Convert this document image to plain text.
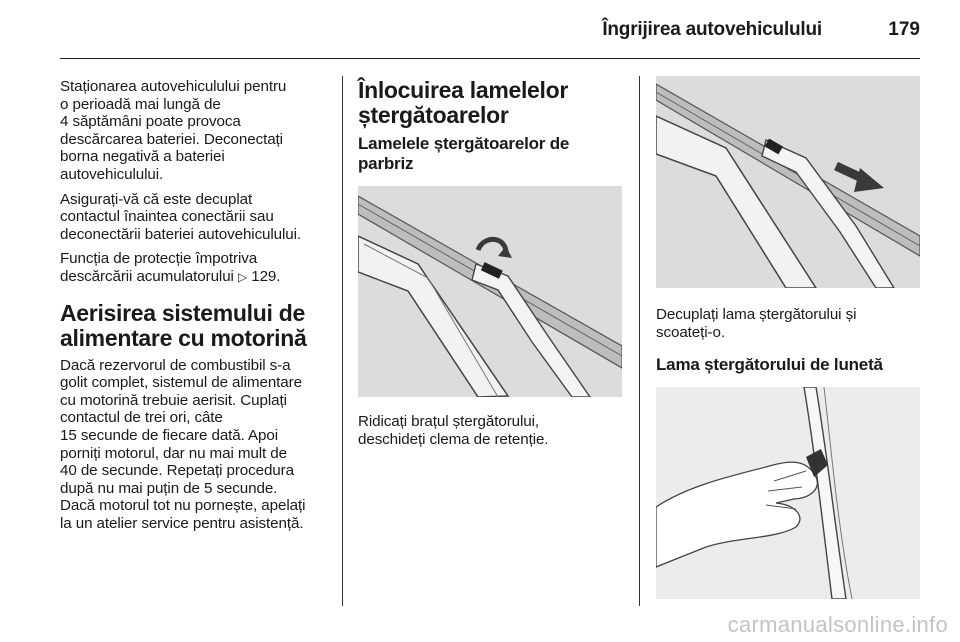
Îngrijirea autovehiculului	179

Staționarea autovehiculului pentru
o perioadă mai lungă de
4 săptămâni poate provoca
descărcarea bateriei. Deconectați
borna negativă a bateriei
autovehiculului.

Asigurați-vă că este decuplat
contactul înaintea conectării sau
deconectării bateriei autovehiculului.

Funcția de protecție împotriva
descărcării acumulatorului ▷ 129.

Aerisirea sistemului de
alimentare cu motorină

Dacă rezervorul de combustibil s-a
golit complet, sistemul de alimentare
cu motorină trebuie aerisit. Cuplați
contactul de trei ori, câte
15 secunde de fiecare dată. Apoi
porniți motorul, dar nu mai mult de
40 de secunde. Repetați procedura
după nu mai puțin de 5 secunde.
Dacă motorul tot nu pornește, apelați
la un atelier service pentru asistență.

Înlocuirea lamelelor
ștergătoarelor
Lamelele ștergătoarelor de
parbriz

Ridicați brațul ștergătorului,
deschideți clema de retenție.

Decuplați lama ștergătorului și
scoateți-o.

Lama ștergătorului de lunetă
carmanualsonline.info
